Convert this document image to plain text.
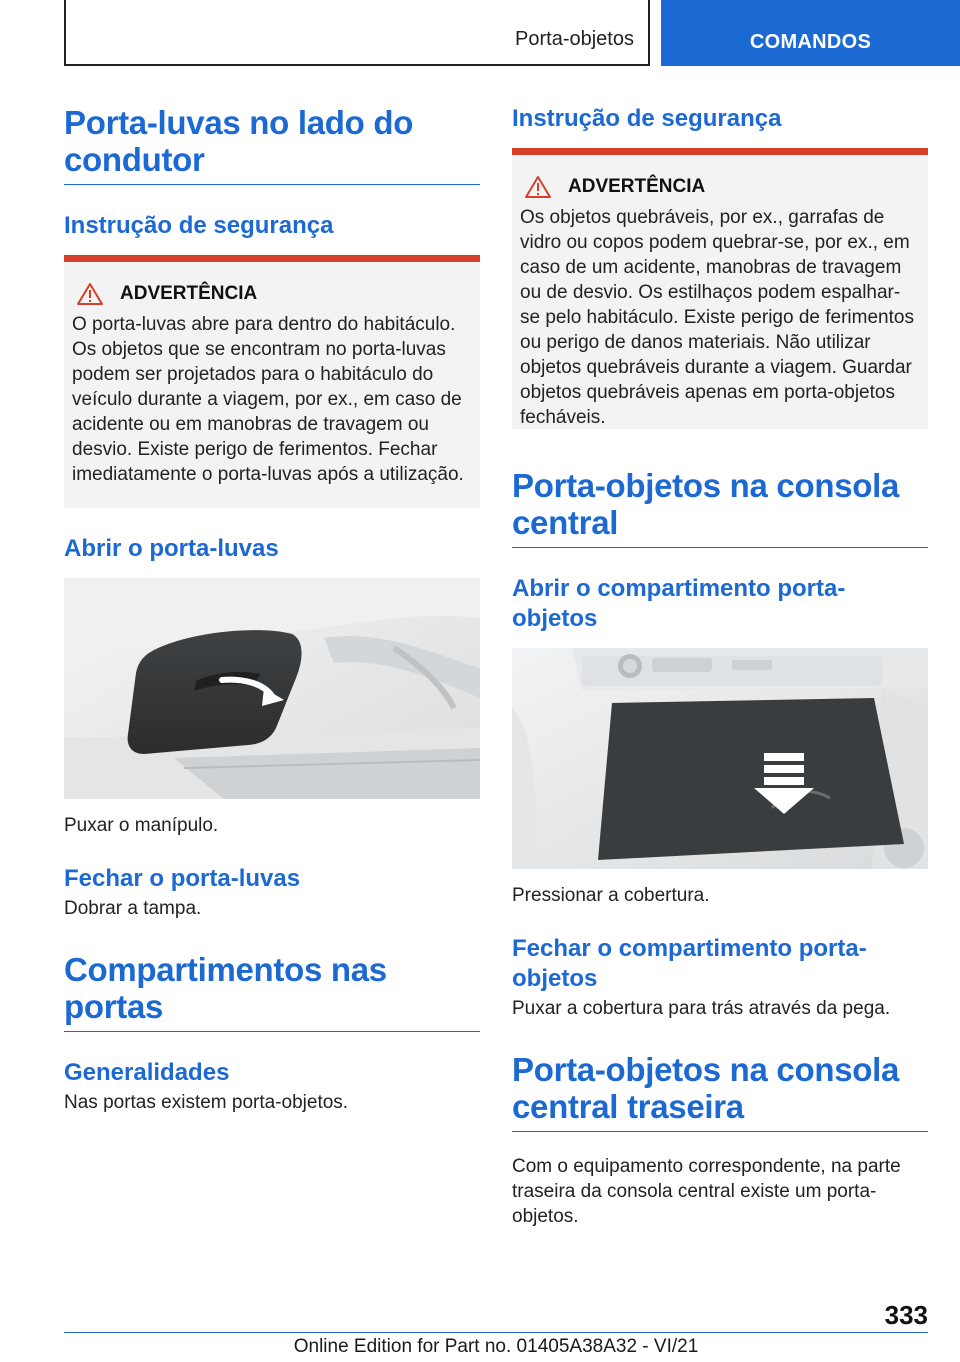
Porta-objetos	COMANDOS
Porta-luvas no lado do condutor
Instrução de segurança
ADVERTÊNCIA
O porta-luvas abre para dentro do habitáculo. Os objetos que se encontram no porta-luvas podem ser projetados para o habitáculo do veículo durante a viagem, por ex., em caso de acidente ou em manobras de travagem ou desvio. Existe perigo de ferimentos. Fechar imediatamente o porta-luvas após a utilização.
Abrir o porta-luvas
Puxar o manípulo.
Fechar o porta-luvas
Dobrar a tampa.
Compartimentos nas portas
Generalidades
Nas portas existem porta-objetos.
Instrução de segurança
ADVERTÊNCIA
Os objetos quebráveis, por ex., garrafas de vidro ou copos podem quebrar-se, por ex., em caso de um acidente, manobras de travagem ou de desvio. Os estilhaços podem espalhar-se pelo habitáculo. Existe perigo de ferimentos ou perigo de danos materiais. Não utilizar objetos quebráveis durante a viagem. Guardar objetos quebráveis apenas em porta-objetos fecháveis.
Porta-objetos na consola central
Abrir o compartimento porta-objetos
Pressionar a cobertura.
Fechar o compartimento porta-objetos
Puxar a cobertura para trás através da pega.
Porta-objetos na consola central traseira
Com o equipamento correspondente, na parte traseira da consola central existe um porta-objetos.
333
Online Edition for Part no. 01405A38A32 - VI/21
